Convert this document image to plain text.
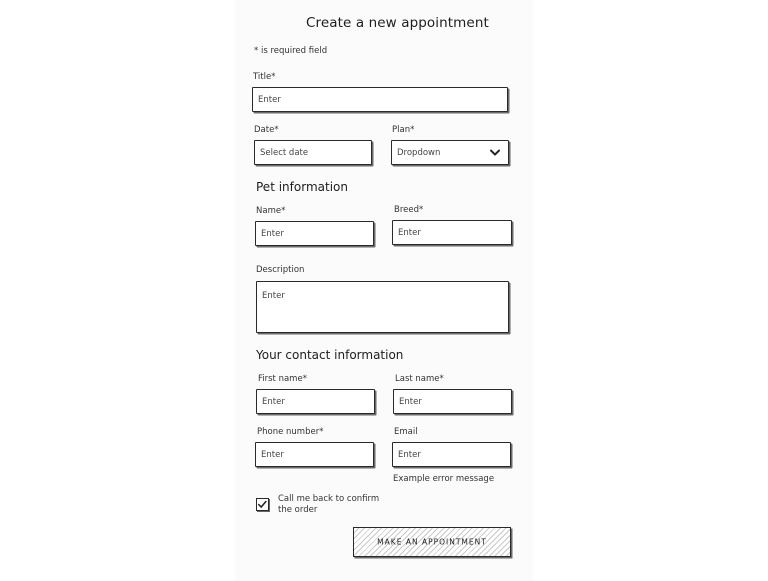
Create a new appointment
* is required field
Title*
Enter
Date*
Select date
Plan*
Dropdown
Pet information
Name*
Enter
Breed*
Enter
Description
Enter
Your contact information
First name*
Enter
Last name*
Enter
Phone number*
Enter
Email
Enter
Example error message
Call me back to confirm
the order
MAKE AN APPOINTMENT
